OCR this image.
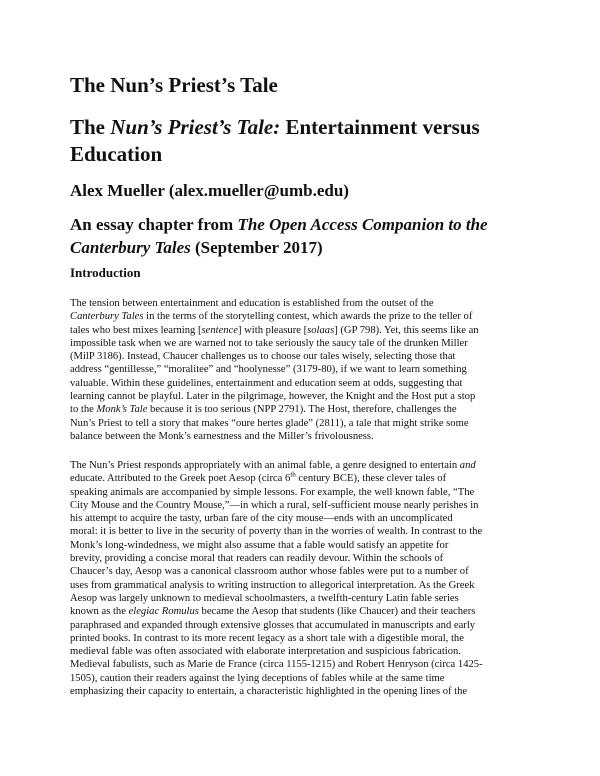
The Nun’s Priest’s Tale
The Nun’s Priest’s Tale: Entertainment versus Education

Alex Mueller (alex.mueller@umb.edu)

An essay chapter from The Open Access Companion to the Canterbury Tales (September 2017)

Introduction

The tension between entertainment and education is established from the outset of the
Canterbury Tales in the terms of the storytelling contest, which awards the prize to the teller of
tales who best mixes learning [sentence] with pleasure [solaas] (GP 798). Yet, this seems like an
impossible task when we are warned not to take seriously the saucy tale of the drunken Miller
(MilP 3186). Instead, Chaucer challenges us to choose our tales wisely, selecting those that
address “gentillesse,” “moralitee” and “hoolynesse” (3179-80), if we want to learn something
valuable. Within these guidelines, entertainment and education seem at odds, suggesting that
learning cannot be playful. Later in the pilgrimage, however, the Knight and the Host put a stop
to the Monk’s Tale because it is too serious (NPP 2791). The Host, therefore, challenges the
Nun’s Priest to tell a story that makes “oure hertes glade” (2811), a tale that might strike some
balance between the Monk’s earnestness and the Miller’s frivolousness.

The Nun’s Priest responds appropriately with an animal fable, a genre designed to entertain and
educate. Attributed to the Greek poet Aesop (circa 6th century BCE), these clever tales of
speaking animals are accompanied by simple lessons. For example, the well known fable, “The
City Mouse and the Country Mouse,”—in which a rural, self-sufficient mouse nearly perishes in
his attempt to acquire the tasty, urban fare of the city mouse—ends with an uncomplicated
moral: it is better to live in the security of poverty than in the worries of wealth. In contrast to the
Monk’s long-windedness, we might also assume that a fable would satisfy an appetite for
brevity, providing a concise moral that readers can readily devour. Within the schools of
Chaucer’s day, Aesop was a canonical classroom author whose fables were put to a number of
uses from grammatical analysis to writing instruction to allegorical interpretation. As the Greek
Aesop was largely unknown to medieval schoolmasters, a twelfth-century Latin fable series
known as the elegiac Romulus became the Aesop that students (like Chaucer) and their teachers
paraphrased and expanded through extensive glosses that accumulated in manuscripts and early
printed books. In contrast to its more recent legacy as a short tale with a digestible moral, the
medieval fable was often associated with elaborate interpretation and suspicious fabrication.
Medieval fabulists, such as Marie de France (circa 1155-1215) and Robert Henryson (circa 1425-
1505), caution their readers against the lying deceptions of fables while at the same time
emphasizing their capacity to entertain, a characteristic highlighted in the opening lines of the
